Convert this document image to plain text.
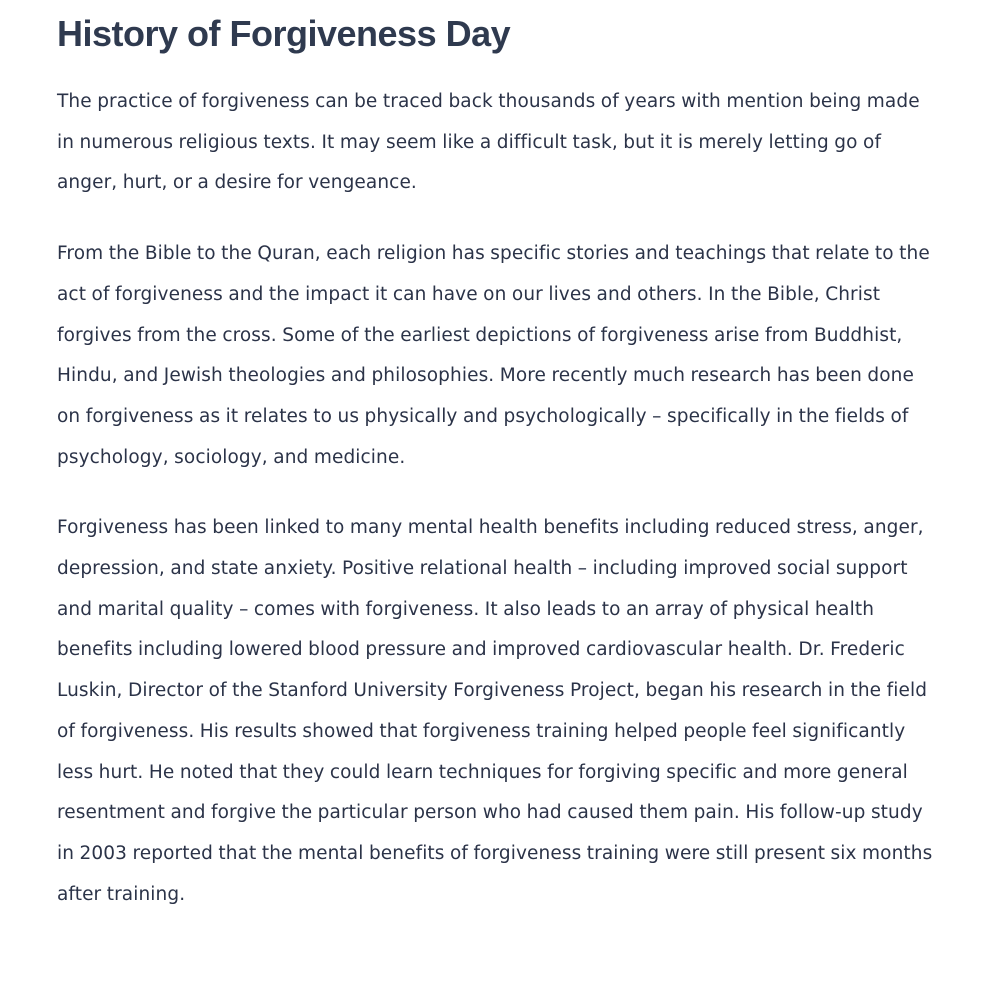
History of Forgiveness Day

The practice of forgiveness can be traced back thousands of years with mention being made in numerous religious texts. It may seem like a difficult task, but it is merely letting go of anger, hurt, or a desire for vengeance.

From the Bible to the Quran, each religion has specific stories and teachings that relate to the act of forgiveness and the impact it can have on our lives and others. In the Bible, Christ forgives from the cross. Some of the earliest depictions of forgiveness arise from Buddhist, Hindu, and Jewish theologies and philosophies. More recently much research has been done on forgiveness as it relates to us physically and psychologically – specifically in the fields of psychology, sociology, and medicine.

Forgiveness has been linked to many mental health benefits including reduced stress, anger, depression, and state anxiety. Positive relational health – including improved social support and marital quality – comes with forgiveness. It also leads to an array of physical health benefits including lowered blood pressure and improved cardiovascular health. Dr. Frederic Luskin, Director of the Stanford University Forgiveness Project, began his research in the field of forgiveness. His results showed that forgiveness training helped people feel significantly less hurt. He noted that they could learn techniques for forgiving specific and more general resentment and forgive the particular person who had caused them pain. His follow-up study in 2003 reported that the mental benefits of forgiveness training were still present six months after training.
